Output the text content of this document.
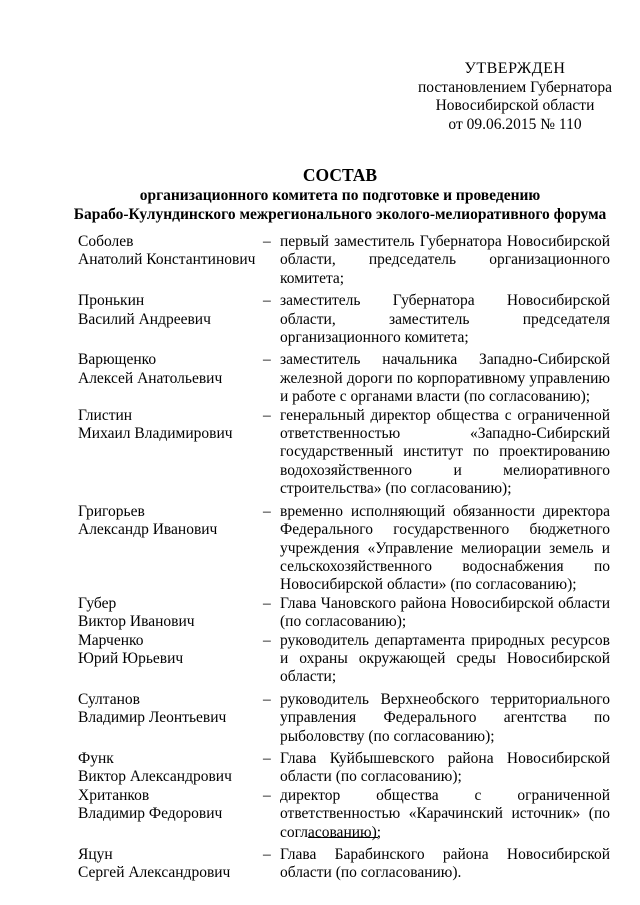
УТВЕРЖДЕН
постановлением Губернатора
Новосибирской области
от 09.06.2015 № 110
СОСТАВ
организационного комитета по подготовке и проведению
Барабо-Кулундинского межрегионального эколого-мелиоративного форума
Соболев
Анатолий Константинович
– первый заместитель Губернатора Новосибирской области, председатель организационного комитета;
Пронькин
Василий Андреевич
– заместитель Губернатора Новосибирской области, заместитель председателя организационного комитета;
Варющенко
Алексей Анатольевич
– заместитель начальника Западно-Сибирской железной дороги по корпоративному управлению и работе с органами власти (по согласованию);
Глистин
Михаил Владимирович
– генеральный директор общества с ограниченной ответственностью «Западно-Сибирский государственный институт по проектированию водохозяйственного и мелиоративного строительства» (по согласованию);
Григорьев
Александр Иванович
– временно исполняющий обязанности директора Федерального государственного бюджетного учреждения «Управление мелиорации земель и сельскохозяйственного водоснабжения по Новосибирской области» (по согласованию);
Губер
Виктор Иванович
– Глава Чановского района Новосибирской области (по согласованию);
Марченко
Юрий Юрьевич
– руководитель департамента природных ресурсов и охраны окружающей среды Новосибирской области;
Султанов
Владимир Леонтьевич
– руководитель Верхнеобского территориального управления Федерального агентства по рыболовству (по согласованию);
Функ
Виктор Александрович
– Глава Куйбышевского района Новосибирской области (по согласованию);
Хританков
Владимир Федорович
– директор общества с ограниченной ответственностью «Карачинский источник» (по согласованию);
Яцун
Сергей Александрович
– Глава Барабинского района Новосибирской области (по согласованию).
